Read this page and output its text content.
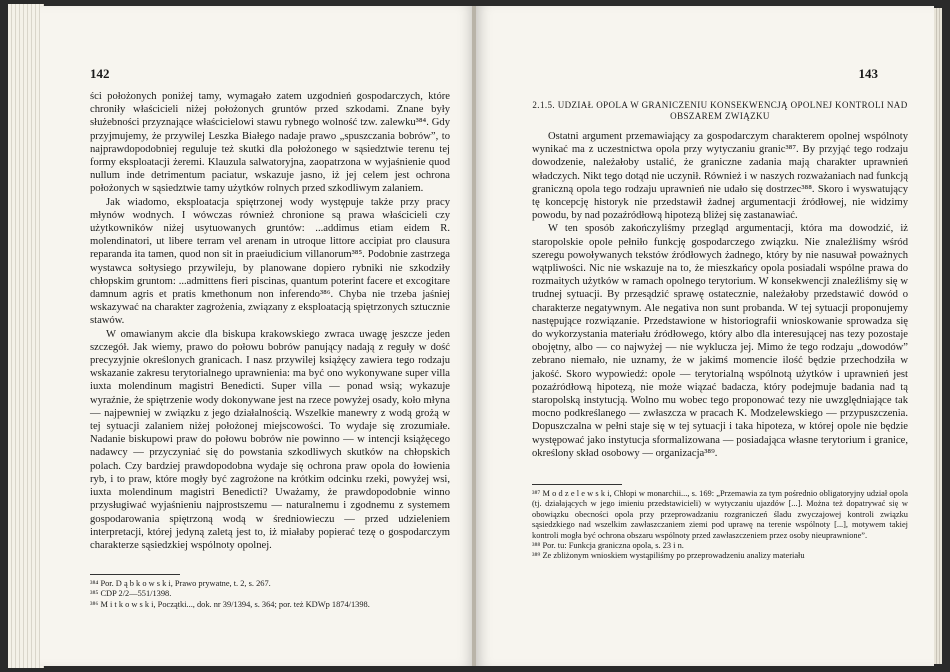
142

ści położonych poniżej tamy, wymagało zatem uzgodnień gospodarczych, które chroniły właścicieli niżej położonych gruntów przed szkodami. Znane były służebności przyznające właścicielowi stawu rybnego wolność tzw. zalewku³⁸⁴. Gdy przyjmujemy, że przywilej Leszka Białego nadaje prawo „spuszczania bobrów”, to najprawdopodobniej reguluje też skutki dla położonego w sąsiedztwie terenu tej formy eksploatacji żeremi. Klauzula salwatoryjna, zaopatrzona w wyjaśnienie quod nullum inde detrimentum paciatur, wskazuje jasno, iż jej celem jest ochrona położonych w sąsiedztwie tamy użytków rolnych przed szkodliwym zalaniem.

Jak wiadomo, eksploatacja spiętrzonej wody występuje także przy pracy młynów wodnych. I wówczas również chronione są prawa właścicieli czy użytkowników niżej usytuowanych gruntów: ...addimus etiam eidem R. molendinatori, ut libere terram vel arenam in utroque littore accipiat pro clausura reparanda ita tamen, quod non sit in praeiudicium villanorum³⁸⁵. Podobnie zastrzega wystawca sołtysiego przywileju, by planowane dopiero rybniki nie szkodziły chłopskim gruntom: ...admittens fieri piscinas, quantum poterint facere et excogitare damnum agris et pratis kmethonum non inferendo³⁸⁶. Chyba nie trzeba jaśniej wskazywać na charakter zagrożenia, związany z eksploatacją spiętrzonych sztucznie stawów.

W omawianym akcie dla biskupa krakowskiego zwraca uwagę jeszcze jeden szczegół. Jak wiemy, prawo do połowu bobrów panujący nadają z reguły w dość precyzyjnie określonych granicach. I nasz przywilej książęcy zawiera tego rodzaju wskazanie zakresu terytorialnego uprawnienia: ma być ono wykonywane super villa iuxta molendinum magistri Benedicti. Super villa — ponad wsią; wykazuje wyraźnie, że spiętrzenie wody dokonywane jest na rzece powyżej osady, koło młyna — najpewniej w związku z jego działalnością. Wszelkie manewry z wodą grożą w tej sytuacji zalaniem niżej położonej miejscowości. To wydaje się zrozumiałe. Nadanie biskupowi praw do połowu bobrów nie powinno — w intencji książęcego nadawcy — przyczyniać się do powstania szkodliwych skutków na chłopskich polach. Czy bardziej prawdopodobna wydaje się ochrona praw opola do łowienia ryb, i to praw, które mogły być zagrożone na krótkim odcinku rzeki, powyżej wsi, iuxta molendinum magistri Benedicti? Uważamy, że prawdopodobnie winno przysługiwać wyjaśnieniu najprostszemu — naturalnemu i zgodnemu z systemem gospodarowania spiętrzoną wodą w średniowieczu — przed udzieleniem interpretacji, której jedyną zaletą jest to, iż miałaby popierać tezę o gospodarczym charakterze sąsiedzkiej wspólnoty opolnej.

³⁸⁴ Por. D ą b k o w s k i, Prawo prywatne, t. 2, s. 267.

³⁸⁵ CDP 2/2—551/1398.

³⁸⁶ M i t k o w s k i, Początki..., dok. nr 39/1394, s. 364; por. też KDWp 1874/1398.

143

2.1.5. UDZIAŁ OPOLA W GRANICZENIU KONSEKWENCJĄ OPOLNEJ KONTROLI NAD OBSZAREM ZWIĄZKU

Ostatni argument przemawiający za gospodarczym charakterem opolnej wspólnoty wynikać ma z uczestnictwa opola przy wytyczaniu granic³⁸⁷. By przyjąć tego rodzaju dowodzenie, należałoby ustalić, że graniczne zadania mają charakter uprawnień władczych. Nikt tego dotąd nie uczynił. Również i w naszych rozważaniach nad funkcją graniczną opola tego rodzaju uprawnień nie udało się dostrzec³⁸⁸. Skoro i wyswatujący tę koncepcję historyk nie przedstawił żadnej argumentacji źródłowej, nie widzimy powodu, by nad pozaźródłową hipotezą bliżej się zastanawiać.

W ten sposób zakończyliśmy przegląd argumentacji, która ma dowodzić, iż staropolskie opole pełniło funkcję gospodarczego związku. Nie znaleźliśmy wśród szeregu powoływanych tekstów źródłowych żadnego, który by nie nasuwał poważnych wątpliwości. Nic nie wskazuje na to, że mieszkańcy opola posiadali wspólne prawa do rozmaitych użytków w ramach opolnego terytorium. W konsekwencji znaleźliśmy się w trudnej sytuacji. By przesądzić sprawę ostatecznie, należałoby przedstawić dowód o charakterze negatywnym. Ale negativa non sunt probanda. W tej sytuacji proponujemy następujące rozwiązanie. Przedstawione w historiografii wnioskowanie sprowadza się do wykorzystania materiału źródłowego, który albo dla interesującej nas tezy pozostaje obojętny, albo — co najwyżej — nie wyklucza jej. Mimo że tego rodzaju „dowodów” zebrano niemało, nie uznamy, że w jakimś momencie ilość będzie przechodziła w jakość. Skoro wypowiedź: opole — terytorialną wspólnotą użytków i uprawnień jest pozaźródłową hipotezą, nie może wiązać badacza, który podejmuje badania nad tą staropolską instytucją. Wolno mu wobec tego proponować tezy nie uwzględniające tak mocno podkreślanego — zwłaszcza w pracach K. Modzelewskiego — przypuszczenia. Dopuszczalna w pełni staje się w tej sytuacji i taka hipoteza, w której opole nie będzie występować jako instytucja sformalizowana — posiadająca własne terytorium i granice, określony skład osobowy — organizacja³⁸⁹.

³⁸⁷ M o d z e l e w s k i, Chłopi w monarchii..., s. 169: „Przemawia za tym pośrednio obligatoryjny udział opola (tj. działających w jego imieniu przedstawicieli) w wytyczaniu ujazdów [...]. Można też dopatrywać się w obowiązku obecności opola przy przeprowadzaniu rozgraniczeń śladu zwyczajowej kontroli związku sąsiedzkiego nad wszelkim zawłaszczaniem ziemi pod uprawę na terenie wspólnoty [...], motywem takiej kontroli mogła być ochrona obszaru wspólnoty przed zawłaszczeniem przez osoby nieuprawnione”.

³⁸⁸ Por. tu: Funkcja graniczna opola, s. 23 i n.

³⁸⁹ Ze zbliżonym wnioskiem wystąpiliśmy po przeprowadzeniu analizy materiału
